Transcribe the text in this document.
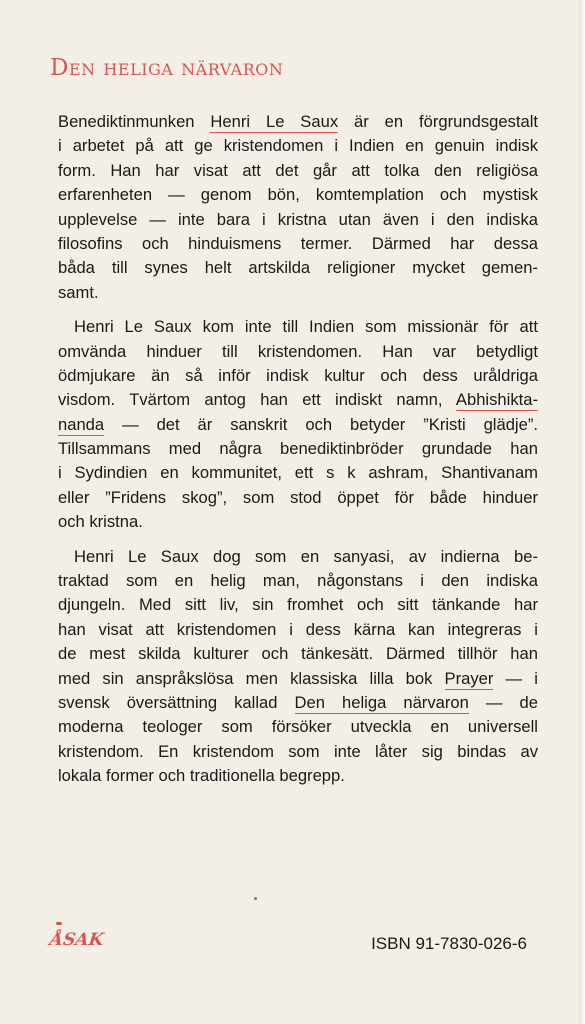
Den heliga närvaron
Benediktinmunken Henri Le Saux är en förgrundsgestalt
i arbetet på att ge kristendomen i Indien en genuin indisk
form. Han har visat att det går att tolka den religiösa
erfarenheten — genom bön, komtemplation och mystisk
upplevelse — inte bara i kristna utan även i den indiska
filosofins och hinduismens termer. Därmed har dessa
båda till synes helt artskilda religioner mycket gemen-
samt.
Henri Le Saux kom inte till Indien som missionär för att
omvända hinduer till kristendomen. Han var betydligt
ödmjukare än så inför indisk kultur och dess uråldriga
visdom. Tvärtom antog han ett indiskt namn, Abhishikta-
nanda — det är sanskrit och betyder ”Kristi glädje”.
Tillsammans med några benediktinbröder grundade han
i Sydindien en kommunitet, ett s k ashram, Shantivanam
eller ”Fridens skog”, som stod öppet för både hinduer
och kristna.
Henri Le Saux dog som en sanyasi, av indierna be-
traktad som en helig man, någonstans i den indiska
djungeln. Med sitt liv, sin fromhet och sitt tänkande har
han visat att kristendomen i dess kärna kan integreras i
de mest skilda kulturer och tänkesätt. Därmed tillhör han
med sin anspråkslösa men klassiska lilla bok Prayer — i
svensk översättning kallad Den heliga närvaron — de
moderna teologer som försöker utveckla en universell
kristendom. En kristendom som inte låter sig bindas av
lokala former och traditionella begrepp.
ÅSAK	ISBN 91-7830-026-6
